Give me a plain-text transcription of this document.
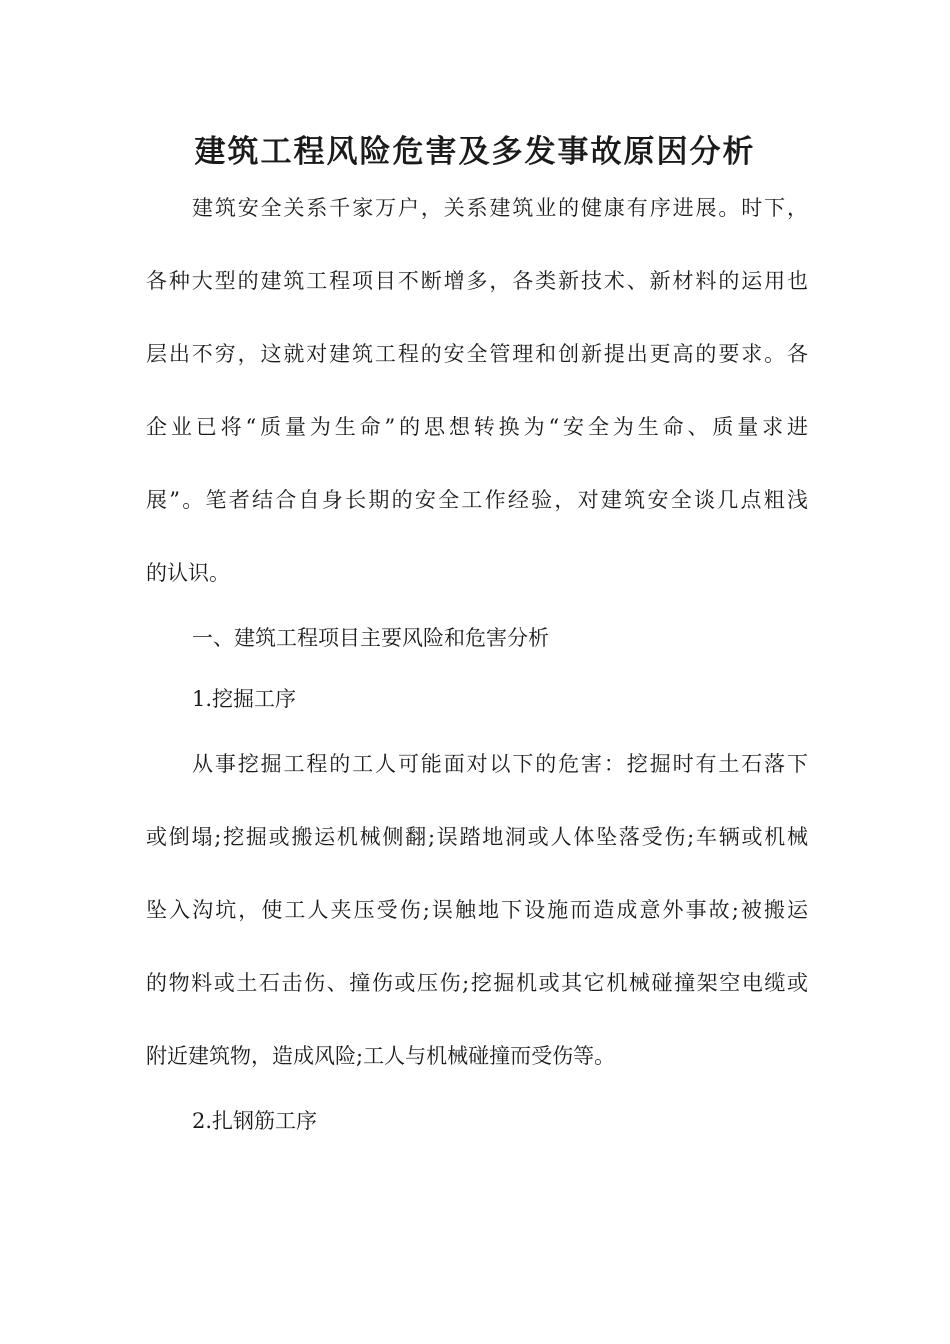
建筑工程风险危害及多发事故原因分析

建筑安全关系千家万户，关系建筑业的健康有序进展。时下，

各种大型的建筑工程项目不断增多，各类新技术、新材料的运用也

层出不穷，这就对建筑工程的安全管理和创新提出更高的要求。各

企业已将“质量为生命”的思想转换为“安全为生命、质量求进

展”。笔者结合自身长期的安全工作经验，对建筑安全谈几点粗浅

的认识。

一、建筑工程项目主要风险和危害分析

1.挖掘工序

从事挖掘工程的工人可能面对以下的危害：挖掘时有土石落下

或倒塌;挖掘或搬运机械侧翻;误踏地洞或人体坠落受伤;车辆或机械

坠入沟坑，使工人夹压受伤;误触地下设施而造成意外事故;被搬运

的物料或土石击伤、撞伤或压伤;挖掘机或其它机械碰撞架空电缆或

附近建筑物，造成风险;工人与机械碰撞而受伤等。

2.扎钢筋工序
